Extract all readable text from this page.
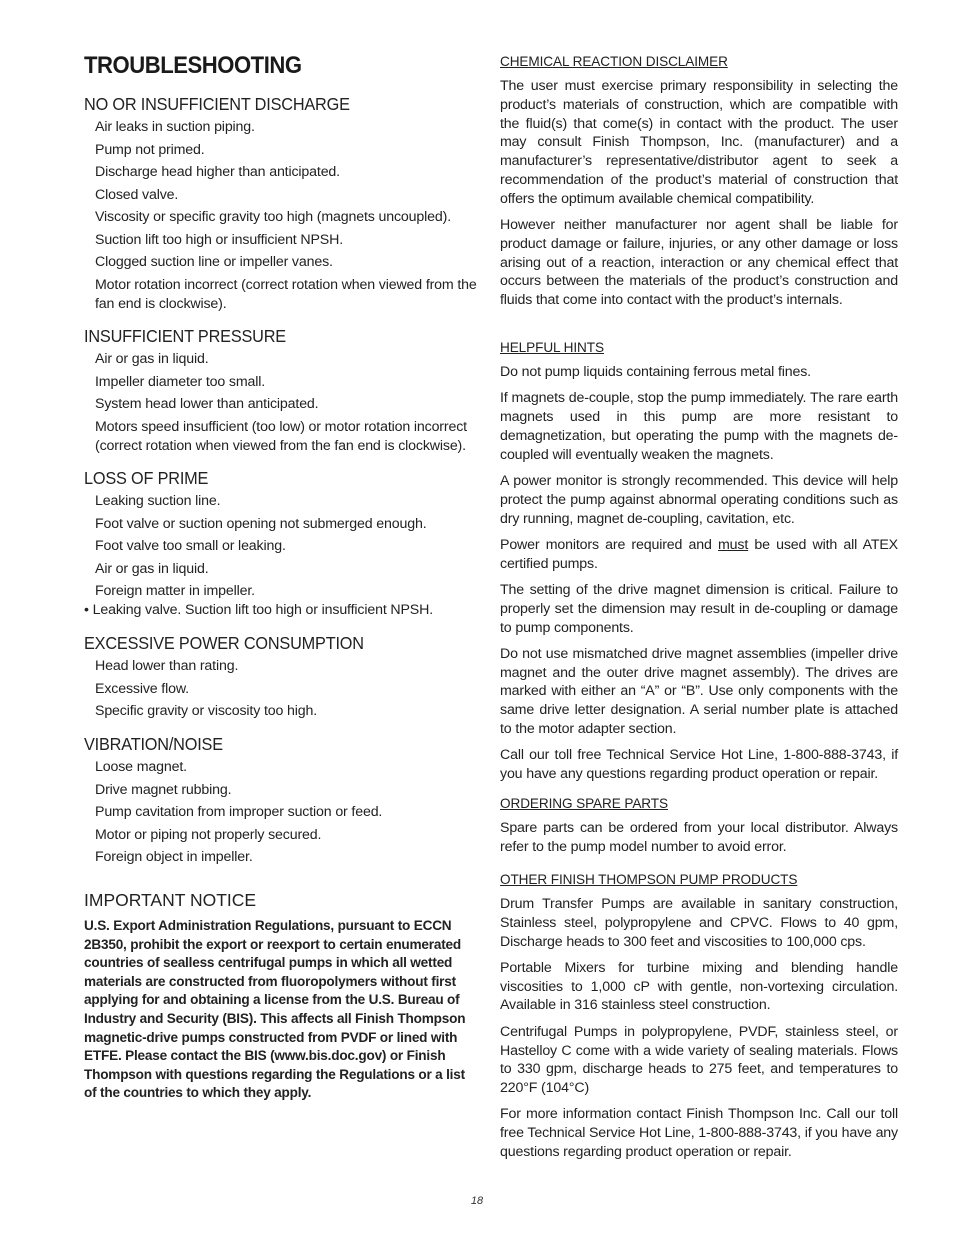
TROUBLESHOOTING
NO OR INSUFFICIENT DISCHARGE
Air leaks in suction piping.
Pump not primed.
Discharge head higher than anticipated.
Closed valve.
Viscosity or specific gravity too high (magnets uncoupled).
Suction lift too high or insufficient NPSH.
Clogged suction line or impeller vanes.
Motor rotation incorrect (correct rotation when viewed from the fan end is clockwise).
INSUFFICIENT PRESSURE
Air or gas in liquid.
Impeller diameter too small.
System head lower than anticipated.
Motors speed insufficient (too low) or motor rotation incorrect (correct rotation when viewed from the fan end is clockwise).
LOSS OF PRIME
Leaking suction line.
Foot valve or suction opening not submerged enough.
Foot valve too small or leaking.
Air or gas in liquid.
Foreign matter in impeller.
• Leaking valve. Suction lift too high or insufficient NPSH.
EXCESSIVE POWER CONSUMPTION
Head lower than rating.
Excessive flow.
Specific gravity or viscosity too high.
VIBRATION/NOISE
Loose magnet.
Drive magnet rubbing.
Pump cavitation from improper suction or feed.
Motor or piping not properly secured.
Foreign object in impeller.
IMPORTANT NOTICE

U.S. Export Administration Regulations, pursuant to ECCN 2B350, prohibit the export or reexport to certain enumerated countries of sealless centrifugal pumps in which all wetted materials are constructed from fluoropolymers without first applying for and obtaining a license from the U.S. Bureau of Industry and Security (BIS). This affects all Finish Thompson magnetic-drive pumps constructed from PVDF or lined with ETFE. Please contact the BIS (www.bis.doc.gov) or Finish Thompson with questions regarding the Regulations or a list of the countries to which they apply.

CHEMICAL REACTION DISCLAIMER

The user must exercise primary responsibility in selecting the product’s materials of construction, which are compatible with the fluid(s) that come(s) in contact with the product. The user may consult Finish Thompson, Inc. (manufacturer) and a manufacturer’s representative/distributor agent to seek a recommendation of the product’s material of construction that offers the optimum available chemical compatibility.

However neither manufacturer nor agent shall be liable for product damage or failure, injuries, or any other damage or loss arising out of a reaction, interaction or any chemical effect that occurs between the materials of the product’s construction and fluids that come into contact with the product’s internals.

HELPFUL HINTS

Do not pump liquids containing ferrous metal fines.

If magnets de-couple, stop the pump immediately. The rare earth magnets used in this pump are more resistant to demagnetization, but operating the pump with the magnets de-coupled will eventually weaken the magnets.

A power monitor is strongly recommended. This device will help protect the pump against abnormal operating conditions such as dry running, magnet de-coupling, cavitation, etc.

Power monitors are required and must be used with all ATEX certified pumps.

The setting of the drive magnet dimension is critical. Failure to properly set the dimension may result in de-coupling or damage to pump components.

Do not use mismatched drive magnet assemblies (impeller drive magnet and the outer drive magnet assembly). The drives are marked with either an “A” or “B”. Use only components with the same drive letter designation. A serial number plate is attached to the motor adapter section.

Call our toll free Technical Service Hot Line, 1-800-888-3743, if you have any questions regarding product operation or repair.

ORDERING SPARE PARTS

Spare parts can be ordered from your local distributor. Always refer to the pump model number to avoid error.

OTHER FINISH THOMPSON PUMP PRODUCTS

Drum Transfer Pumps are available in sanitary construction, Stainless steel, polypropylene and CPVC. Flows to 40 gpm, Discharge heads to 300 feet and viscosities to 100,000 cps.

Portable Mixers for turbine mixing and blending handle viscosities to 1,000 cP with gentle, non-vortexing circulation. Available in 316 stainless steel construction.

Centrifugal Pumps in polypropylene, PVDF, stainless steel, or Hastelloy C come with a wide variety of sealing materials. Flows to 330 gpm, discharge heads to 275 feet, and temperatures to 220°F (104°C)

For more information contact Finish Thompson Inc. Call our toll free Technical Service Hot Line, 1-800-888-3743, if you have any questions regarding product operation or repair.

18
